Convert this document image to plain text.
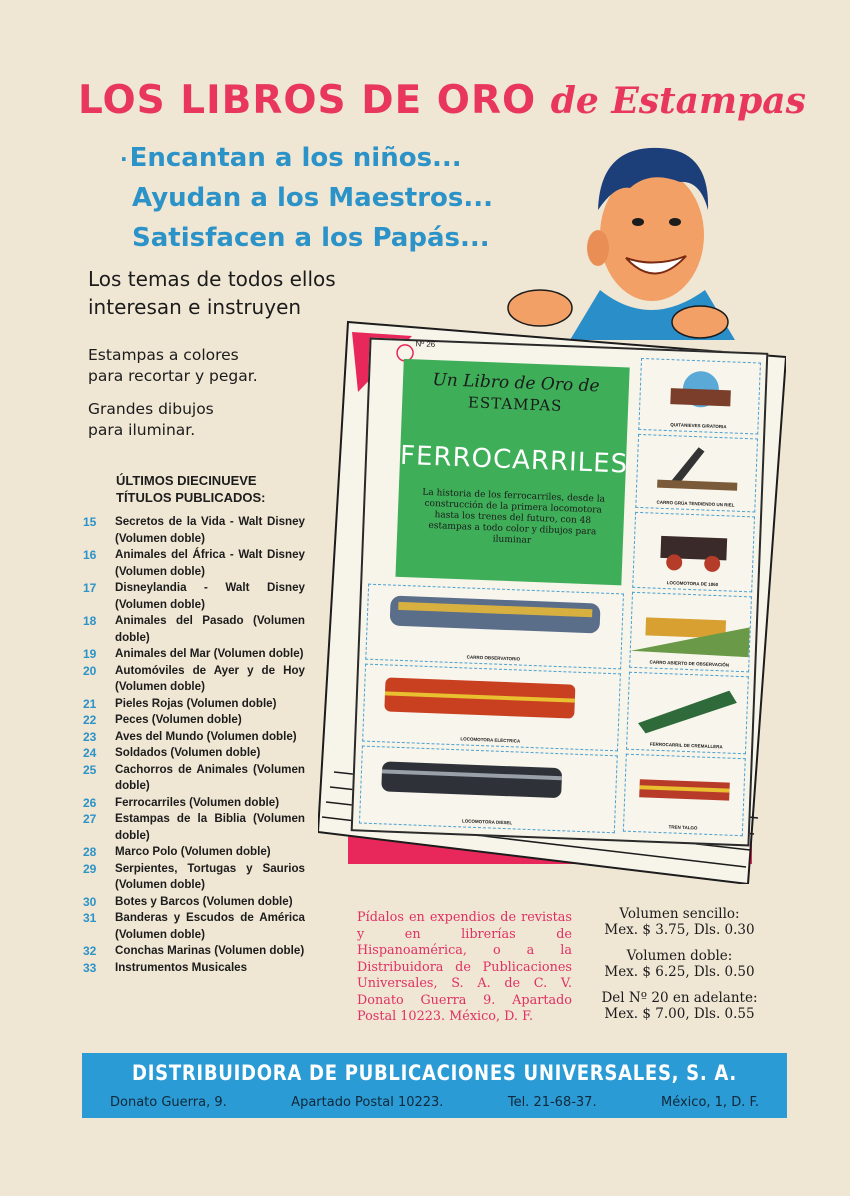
LOS LIBROS DE ORO de Estampas
·Encantan a los niños...
Ayudan a los Maestros...
Satisfacen a los Papás...
Los temas de todos ellos
interesan e instruyen
Estampas a colores
para recortar y pegar.
Grandes dibujos
para iluminar.
ÚLTIMOS DIECINUEVE
TÍTULOS PUBLICADOS:
15 Secretos de la Vida - Walt Disney (Volumen doble)
16 Animales del África - Walt Disney (Volumen doble)
17 Disneylandia - Walt Disney (Volumen doble)
18 Animales del Pasado (Volumen doble)
19 Animales del Mar (Volumen doble)
20 Automóviles de Ayer y de Hoy (Volumen doble)
21 Pieles Rojas (Volumen doble)
22 Peces (Volumen doble)
23 Aves del Mundo (Volumen doble)
24 Soldados (Volumen doble)
25 Cachorros de Animales (Volumen doble)
26 Ferrocarriles (Volumen doble)
27 Estampas de la Biblia (Volumen doble)
28 Marco Polo (Volumen doble)
29 Serpientes, Tortugas y Saurios (Volumen doble)
30 Botes y Barcos (Volumen doble)
31 Banderas y Escudos de América (Volumen doble)
32 Conchas Marinas (Volumen doble)
33 Instrumentos Musicales
Nº 26
Un Libro de Oro de
ESTAMPAS
FERROCARRILES
La historia de los ferrocarriles, desde la construcción de la primera locomotora hasta los trenes del futuro, con 48 estampas a todo color y dibujos para iluminar
QUITANIEVES GIRATORIA
CARRO GRÚA TENDIENDO UN RIEL
LOCOMOTORA DE 1860
CARRO ABIERTO DE OBSERVACIÓN
FERROCARRIL DE CREMALLERA
TREN TALGO
CARRO OBSERVATORIO
LOCOMOTORA ELÉCTRICA
LOCOMOTORA DIESEL
Pídalos en expendios de revistas y en librerías de Hispanoamérica, o a la Distribuidora de Publicaciones Universales, S. A. de C. V. Donato Guerra 9. Apartado Postal 10223. México, D. F.
Volumen sencillo:
Mex. $ 3.75, Dls. 0.30
Volumen doble:
Mex. $ 6.25, Dls. 0.50
Del Nº 20 en adelante:
Mex. $ 7.00, Dls. 0.55
DISTRIBUIDORA DE PUBLICACIONES UNIVERSALES, S. A.
Donato Guerra, 9.	Apartado Postal 10223.	Tel. 21-68-37.	México, 1, D. F.
